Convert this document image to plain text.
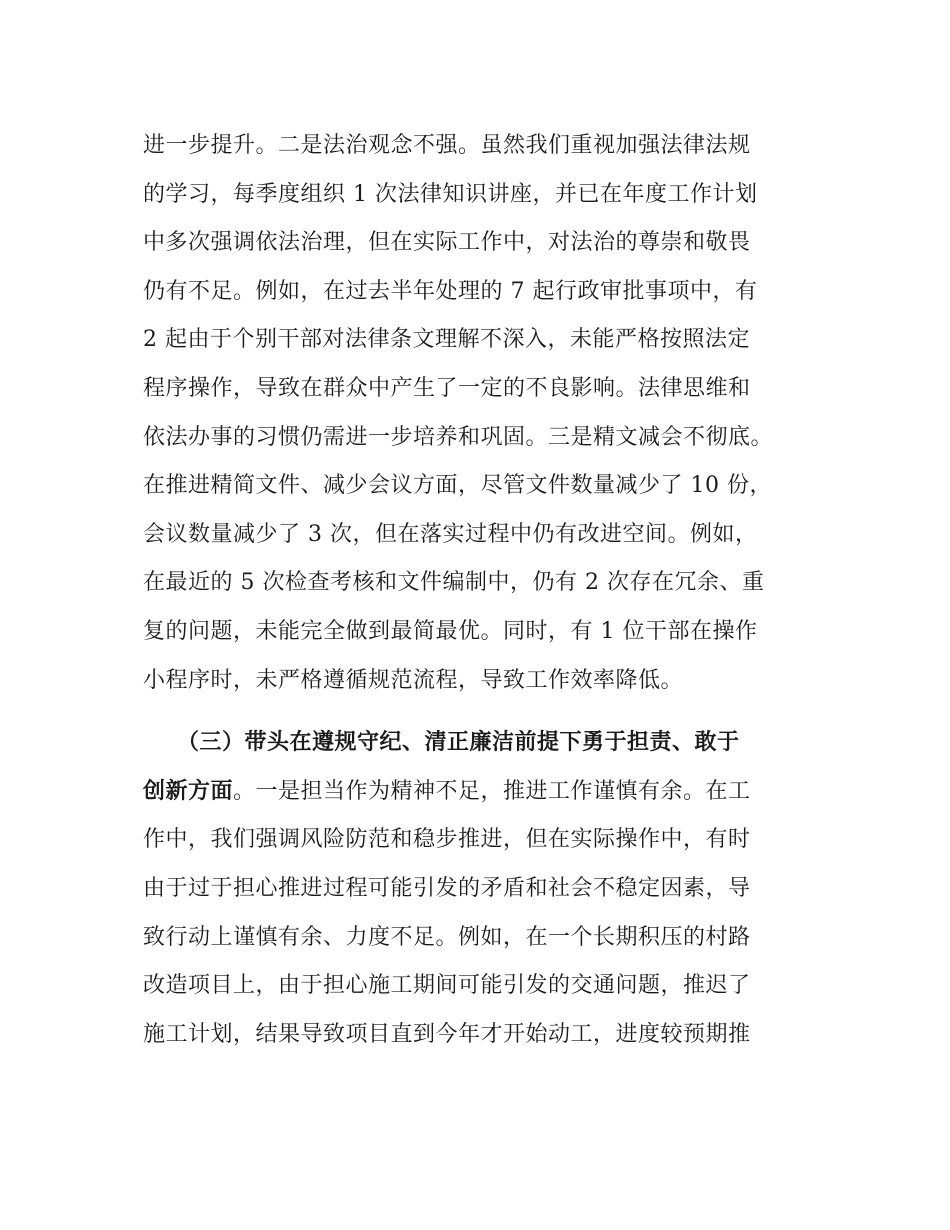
进一步提升。二是法治观念不强。虽然我们重视加强法律法规
的学习，每季度组织 1 次法律知识讲座，并已在年度工作计划
中多次强调依法治理，但在实际工作中，对法治的尊崇和敬畏
仍有不足。例如，在过去半年处理的 7 起行政审批事项中，有
2 起由于个别干部对法律条文理解不深入，未能严格按照法定
程序操作，导致在群众中产生了一定的不良影响。法律思维和
依法办事的习惯仍需进一步培养和巩固。三是精文减会不彻底。
在推进精简文件、减少会议方面，尽管文件数量减少了 10 份，
会议数量减少了 3 次，但在落实过程中仍有改进空间。例如，
在最近的 5 次检查考核和文件编制中，仍有 2 次存在冗余、重
复的问题，未能完全做到最简最优。同时，有 1 位干部在操作
小程序时，未严格遵循规范流程，导致工作效率降低。
（三）带头在遵规守纪、清正廉洁前提下勇于担责、敢于
创新方面。一是担当作为精神不足，推进工作谨慎有余。在工
作中，我们强调风险防范和稳步推进，但在实际操作中，有时
由于过于担心推进过程可能引发的矛盾和社会不稳定因素，导
致行动上谨慎有余、力度不足。例如，在一个长期积压的村路
改造项目上，由于担心施工期间可能引发的交通问题，推迟了
施工计划，结果导致项目直到今年才开始动工，进度较预期推
